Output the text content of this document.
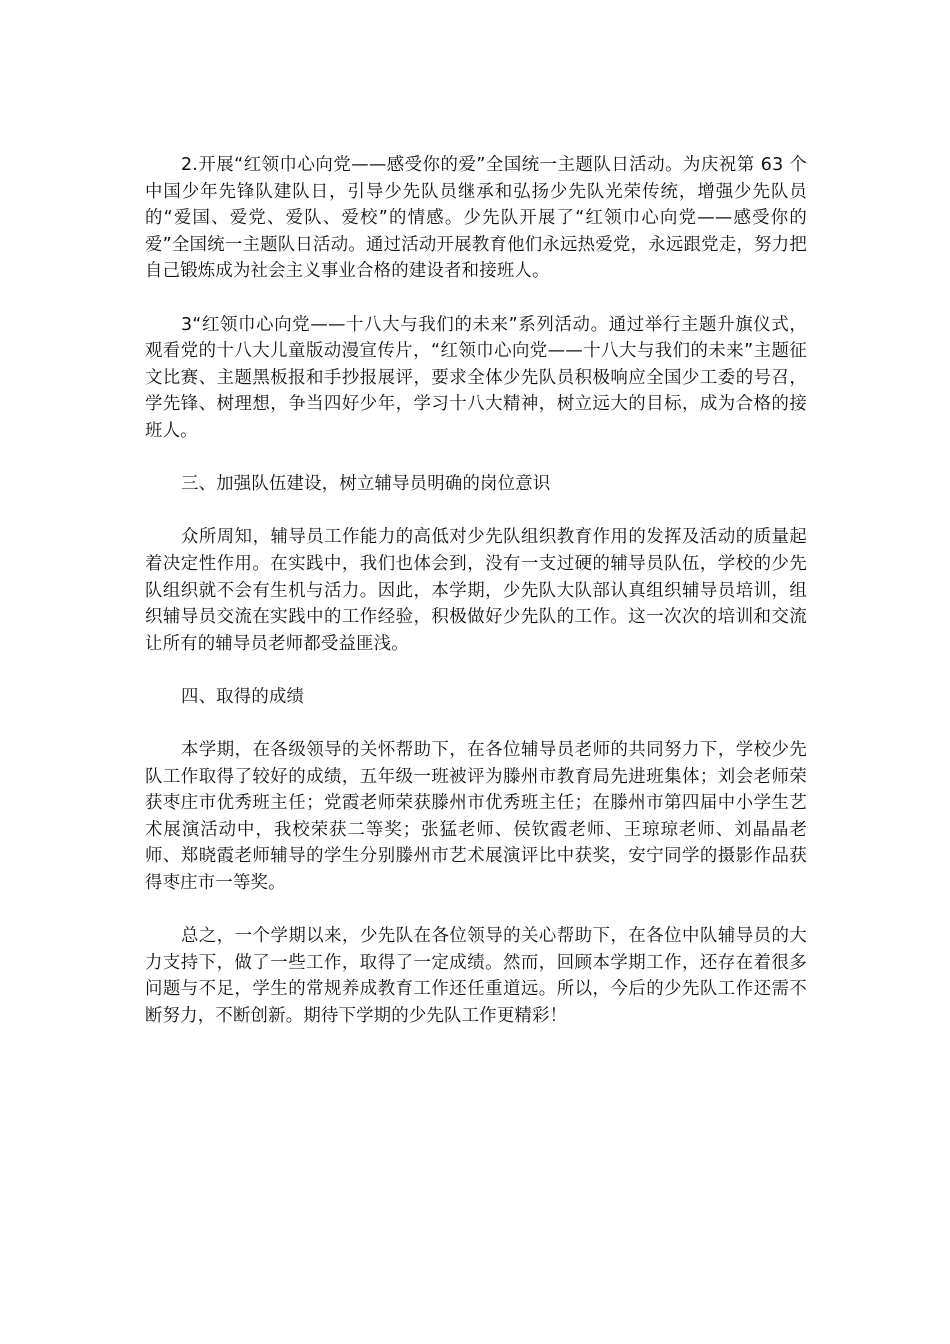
2.开展“红领巾心向党——感受你的爱”全国统一主题队日活动。为庆祝第 63 个中国少年先锋队建队日，引导少先队员继承和弘扬少先队光荣传统，增强少先队员的“爱国、爱党、爱队、爱校”的情感。少先队开展了“红领巾心向党——感受你的爱”全国统一主题队日活动。通过活动开展教育他们永远热爱党，永远跟党走，努力把自己锻炼成为社会主义事业合格的建设者和接班人。

3“红领巾心向党——十八大与我们的未来”系列活动。通过举行主题升旗仪式，观看党的十八大儿童版动漫宣传片，“红领巾心向党——十八大与我们的未来”主题征文比赛、主题黑板报和手抄报展评，要求全体少先队员积极响应全国少工委的号召，学先锋、树理想，争当四好少年，学习十八大精神，树立远大的目标，成为合格的接班人。

三、加强队伍建设，树立辅导员明确的岗位意识

众所周知，辅导员工作能力的高低对少先队组织教育作用的发挥及活动的质量起着决定性作用。在实践中，我们也体会到，没有一支过硬的辅导员队伍，学校的少先队组织就不会有生机与活力。因此，本学期，少先队大队部认真组织辅导员培训，组织辅导员交流在实践中的工作经验，积极做好少先队的工作。这一次次的培训和交流让所有的辅导员老师都受益匪浅。

四、取得的成绩

本学期，在各级领导的关怀帮助下，在各位辅导员老师的共同努力下，学校少先队工作取得了较好的成绩，五年级一班被评为滕州市教育局先进班集体；刘会老师荣获枣庄市优秀班主任；党霞老师荣获滕州市优秀班主任；在滕州市第四届中小学生艺术展演活动中，我校荣获二等奖；张猛老师、侯钦霞老师、王琼琼老师、刘晶晶老师、郑晓霞老师辅导的学生分别滕州市艺术展演评比中获奖，安宁同学的摄影作品获得枣庄市一等奖。

总之，一个学期以来，少先队在各位领导的关心帮助下，在各位中队辅导员的大力支持下，做了一些工作，取得了一定成绩。然而，回顾本学期工作，还存在着很多问题与不足，学生的常规养成教育工作还任重道远。所以，今后的少先队工作还需不断努力，不断创新。期待下学期的少先队工作更精彩！
